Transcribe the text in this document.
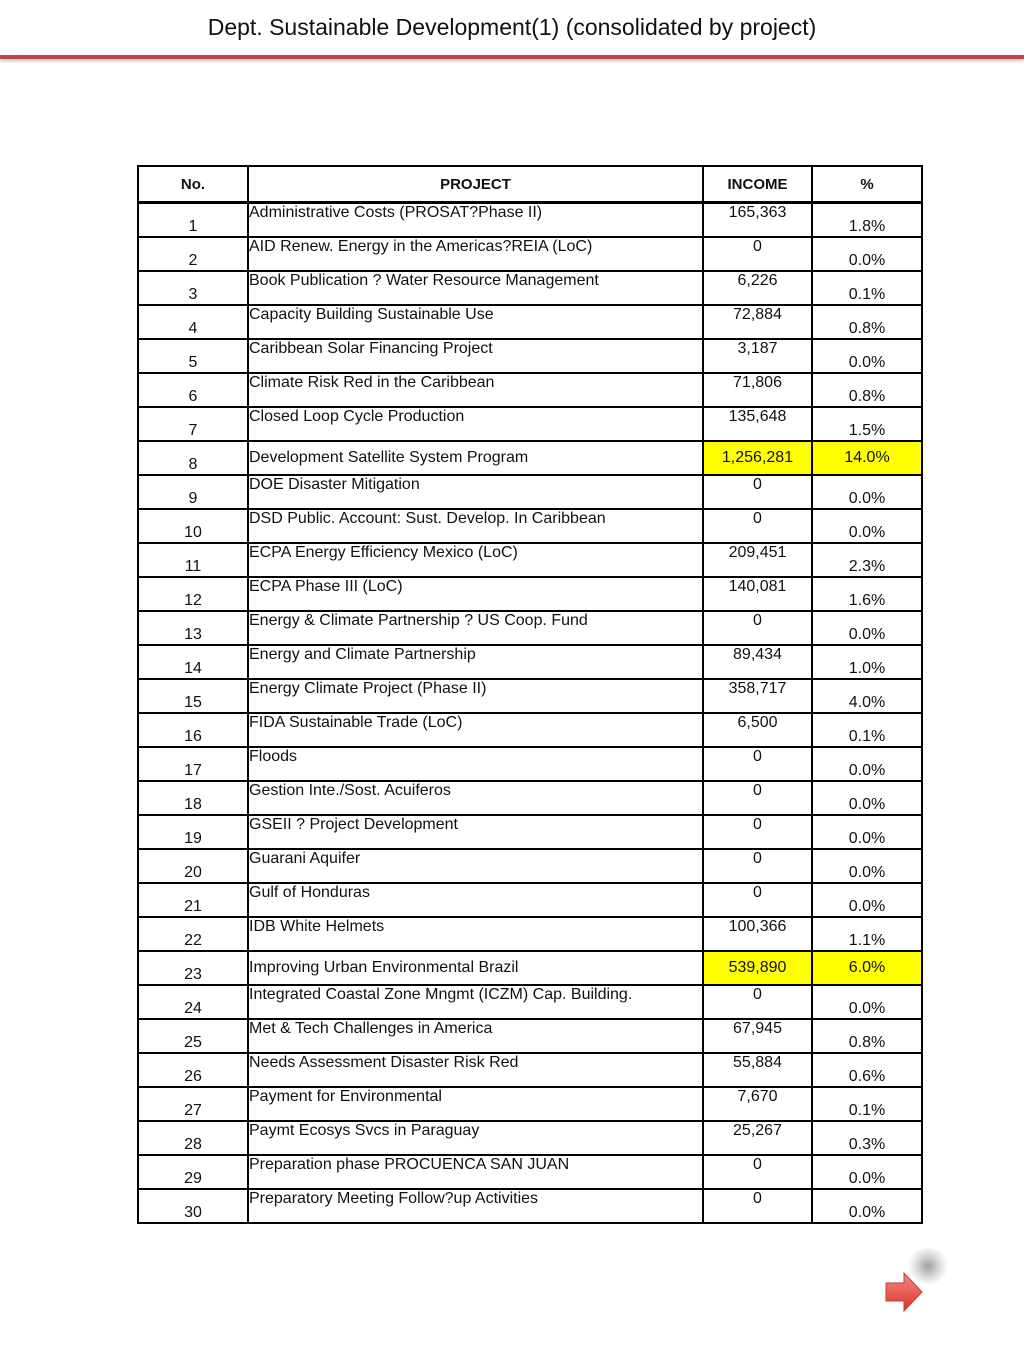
Dept. Sustainable Development(1) (consolidated by project)
No.	PROJECT	INCOME	%
1	Administrative Costs (PROSAT?Phase II)	165,363	1.8%
2	AID Renew. Energy in the Americas?REIA (LoC)	0	0.0%
3	Book Publication ? Water Resource Management	6,226	0.1%
4	Capacity Building Sustainable Use	72,884	0.8%
5	Caribbean Solar Financing Project	3,187	0.0%
6	Climate Risk Red in the Caribbean	71,806	0.8%
7	Closed Loop Cycle Production	135,648	1.5%
8	Development Satellite System Program	1,256,281	14.0%
9	DOE Disaster Mitigation	0	0.0%
10	DSD Public. Account: Sust. Develop. In Caribbean	0	0.0%
11	ECPA Energy Efficiency Mexico (LoC)	209,451	2.3%
12	ECPA Phase III (LoC)	140,081	1.6%
13	Energy & Climate Partnership ? US Coop. Fund	0	0.0%
14	Energy and Climate Partnership	89,434	1.0%
15	Energy Climate Project (Phase II)	358,717	4.0%
16	FIDA Sustainable Trade (LoC)	6,500	0.1%
17	Floods	0	0.0%
18	Gestion Inte./Sost. Acuiferos	0	0.0%
19	GSEII ? Project Development	0	0.0%
20	Guarani Aquifer	0	0.0%
21	Gulf of Honduras	0	0.0%
22	IDB White Helmets	100,366	1.1%
23	Improving Urban Environmental Brazil	539,890	6.0%
24	Integrated Coastal Zone Mngmt (ICZM) Cap. Building.	0	0.0%
25	Met & Tech Challenges in America	67,945	0.8%
26	Needs Assessment Disaster Risk Red	55,884	0.6%
27	Payment for Environmental	7,670	0.1%
28	Paymt Ecosys Svcs in Paraguay	25,267	0.3%
29	Preparation phase PROCUENCA SAN JUAN	0	0.0%
30	Preparatory Meeting Follow?up Activities	0	0.0%
